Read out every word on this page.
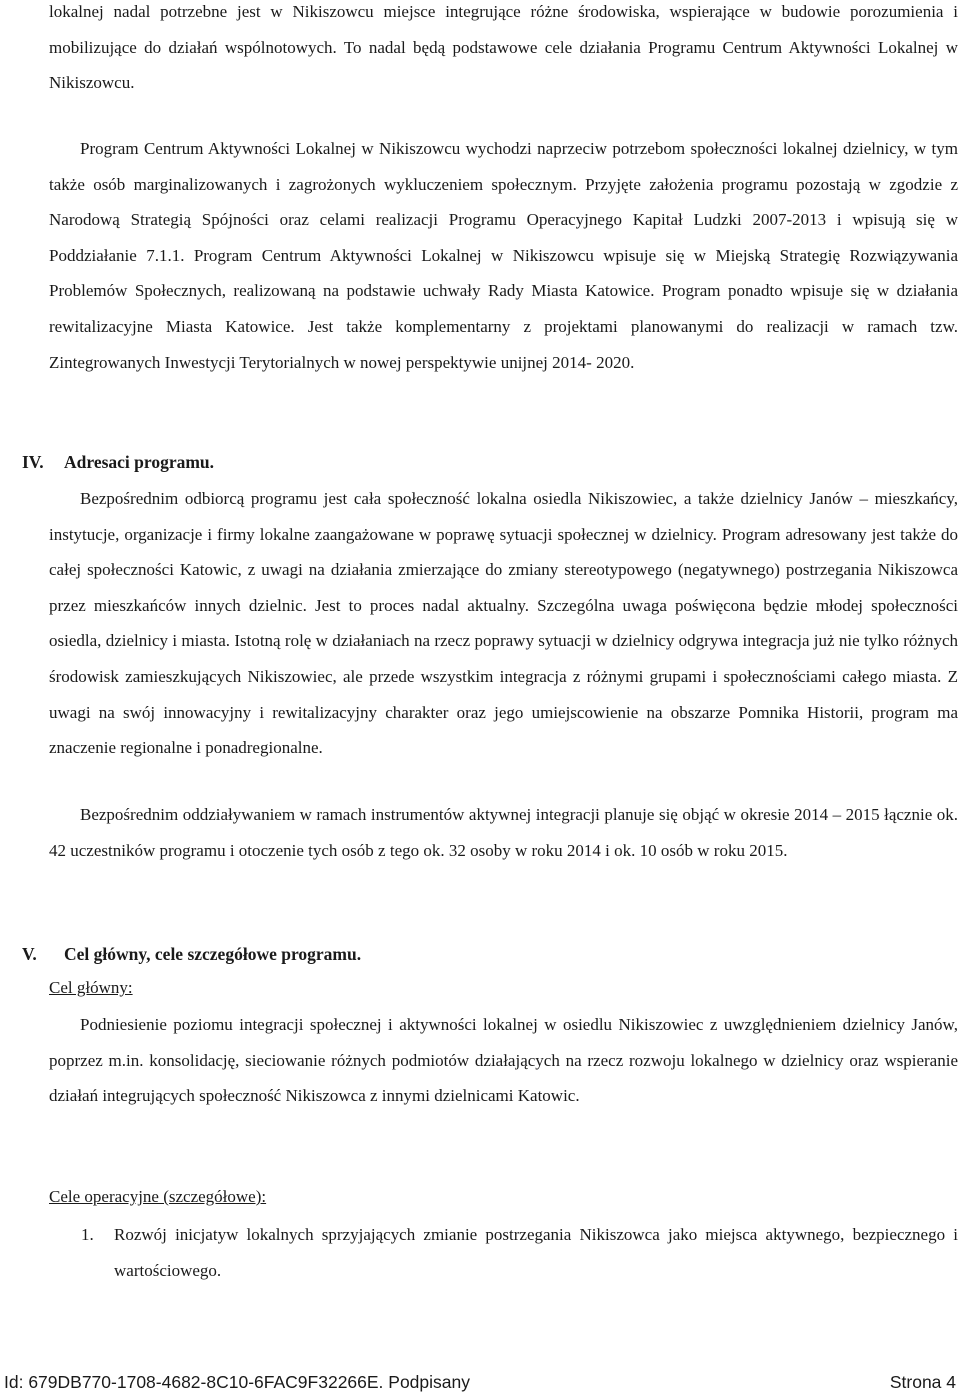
lokalnej nadal potrzebne jest w Nikiszowcu miejsce integrujące różne środowiska, wspierające w budowie porozumienia i mobilizujące do działań wspólnotowych. To nadal będą podstawowe cele działania Programu Centrum Aktywności Lokalnej w Nikiszowcu.

Program Centrum Aktywności Lokalnej w Nikiszowcu wychodzi naprzeciw potrzebom społeczności lokalnej dzielnicy, w tym także osób marginalizowanych i zagrożonych wykluczeniem społecznym. Przyjęte założenia programu pozostają w zgodzie z Narodową Strategią Spójności oraz celami realizacji Programu Operacyjnego Kapitał Ludzki 2007-2013 i wpisują się w Poddziałanie 7.1.1. Program Centrum Aktywności Lokalnej w Nikiszowcu wpisuje się w Miejską Strategię Rozwiązywania Problemów Społecznych, realizowaną na podstawie uchwały Rady Miasta Katowice. Program ponadto wpisuje się w działania rewitalizacyjne Miasta Katowice. Jest także komplementarny z projektami planowanymi do realizacji w ramach tzw. Zintegrowanych Inwestycji Terytorialnych w nowej perspektywie unijnej 2014- 2020.

IV. Adresaci programu.

Bezpośrednim odbiorcą programu jest cała społeczność lokalna osiedla Nikiszowiec, a także dzielnicy Janów – mieszkańcy, instytucje, organizacje i firmy lokalne zaangażowane w poprawę sytuacji społecznej w dzielnicy. Program adresowany jest także do całej społeczności Katowic, z uwagi na działania zmierzające do zmiany stereotypowego (negatywnego) postrzegania Nikiszowca przez mieszkańców innych dzielnic. Jest to proces nadal aktualny. Szczególna uwaga poświęcona będzie młodej społeczności osiedla, dzielnicy i miasta. Istotną rolę w działaniach na rzecz poprawy sytuacji w dzielnicy odgrywa integracja już nie tylko różnych środowisk zamieszkujących Nikiszowiec, ale przede wszystkim integracja z różnymi grupami i społecznościami całego miasta. Z uwagi na swój innowacyjny i rewitalizacyjny charakter oraz jego umiejscowienie na obszarze Pomnika Historii, program ma znaczenie regionalne i ponadregionalne.

Bezpośrednim oddziaływaniem w ramach instrumentów aktywnej integracji planuje się objąć w okresie 2014 – 2015 łącznie ok. 42 uczestników programu i otoczenie tych osób z tego ok. 32 osoby w roku 2014 i ok. 10 osób w roku 2015.

V. Cel główny, cele szczegółowe programu.

Cel główny:

Podniesienie poziomu integracji społecznej i aktywności lokalnej w osiedlu Nikiszowiec z uwzględnieniem dzielnicy Janów, poprzez m.in. konsolidację, sieciowanie różnych podmiotów działających na rzecz rozwoju lokalnego w dzielnicy oraz wspieranie działań integrujących społeczność Nikiszowca z innymi dzielnicami Katowic.

Cele operacyjne (szczegółowe):

1.	Rozwój inicjatyw lokalnych sprzyjających zmianie postrzegania Nikiszowca jako miejsca aktywnego, bezpiecznego i wartościowego.
Id: 679DB770-1708-4682-8C10-6FAC9F32266E. Podpisany	Strona 4
